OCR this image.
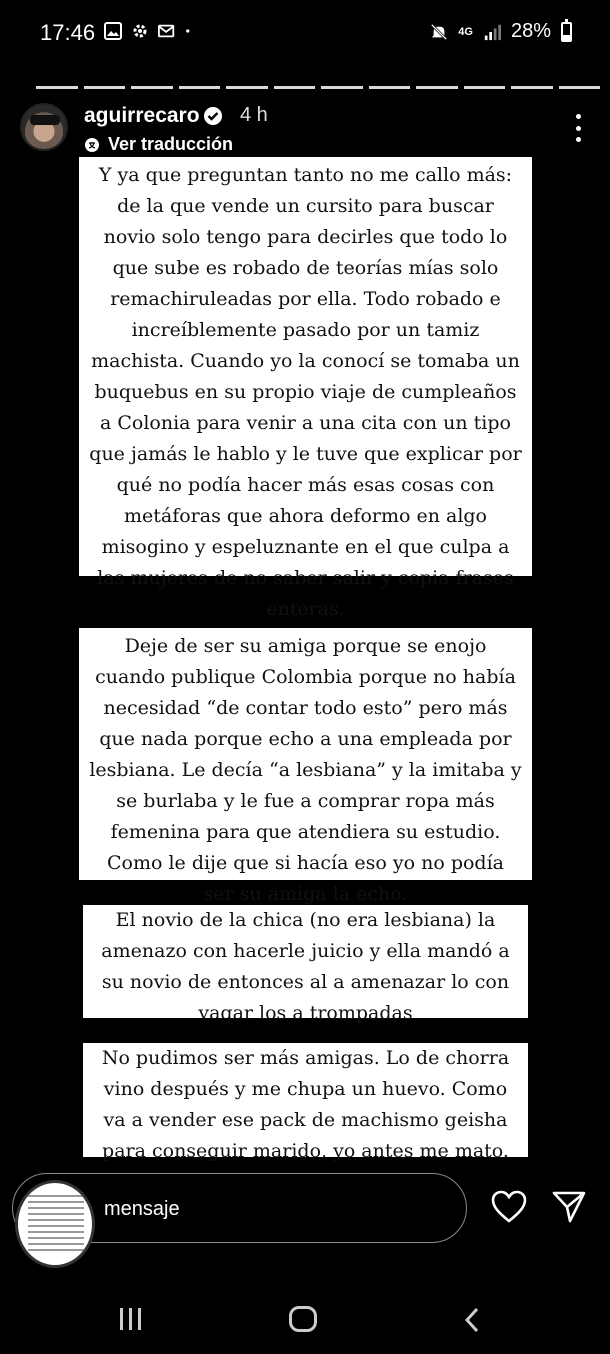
17:46	4G 28%
aguirrecaro 4 h
Ver traducción

Y ya que preguntan tanto no me callo más: de la que vende un cursito para buscar novio solo tengo para decirles que todo lo que sube es robado de teorías mías solo remachiruleadas por ella. Todo robado e increíblemente pasado por un tamiz machista. Cuando yo la conocí se tomaba un buquebus en su propio viaje de cumpleaños a Colonia para venir a una cita con un tipo que jamás le hablo y le tuve que explicar por qué no podía hacer más esas cosas con metáforas que ahora deformo en algo misogino y espeluznante en el que culpa a las mujeres de no saber salir y copia frases enteras.

Deje de ser su amiga porque se enojo cuando publique Colombia porque no había necesidad “de contar todo esto” pero más que nada porque echo a una empleada por lesbiana. Le decía “a lesbiana” y la imitaba y se burlaba y le fue a comprar ropa más femenina para que atendiera su estudio. Como le dije que si hacía eso yo no podía ser su amiga la echo.

El novio de la chica (no era lesbiana) la amenazo con hacerle juicio y ella mandó a su novio de entonces al a amenazar lo con vagar los a trompadas

No pudimos ser más amigas. Lo de chorra vino después y me chupa un huevo. Como va a vender ese pack de machismo geisha para conseguir marido, yo antes me mato.

mensaje
